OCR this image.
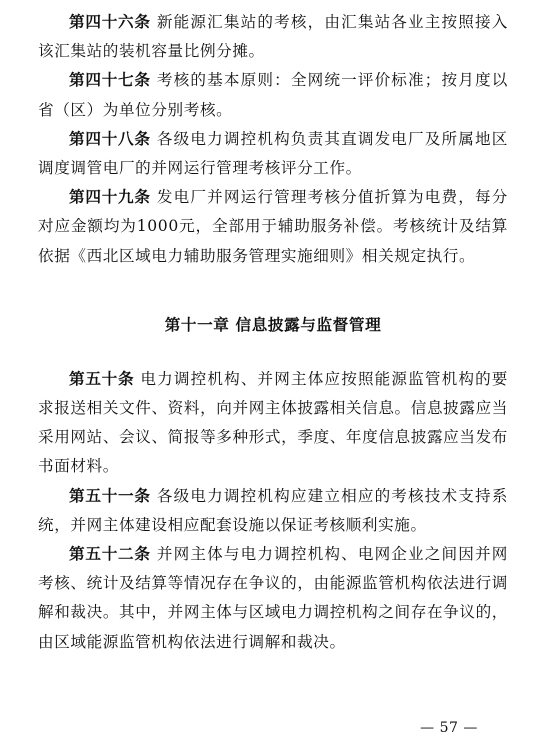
第四十六条 新能源汇集站的考核，由汇集站各业主按照接入该汇集站的装机容量比例分摊。

第四十七条 考核的基本原则：全网统一评价标准；按月度以省（区）为单位分别考核。

第四十八条 各级电力调控机构负责其直调发电厂及所属地区调度调管电厂的并网运行管理考核评分工作。

第四十九条 发电厂并网运行管理考核分值折算为电费，每分对应金额均为1000元，全部用于辅助服务补偿。考核统计及结算依据《西北区域电力辅助服务管理实施细则》相关规定执行。

第十一章 信息披露与监督管理

第五十条 电力调控机构、并网主体应按照能源监管机构的要求报送相关文件、资料，向并网主体披露相关信息。信息披露应当采用网站、会议、简报等多种形式，季度、年度信息披露应当发布书面材料。

第五十一条 各级电力调控机构应建立相应的考核技术支持系统，并网主体建设相应配套设施以保证考核顺利实施。

第五十二条 并网主体与电力调控机构、电网企业之间因并网考核、统计及结算等情况存在争议的，由能源监管机构依法进行调解和裁决。其中，并网主体与区域电力调控机构之间存在争议的，由区域能源监管机构依法进行调解和裁决。

— 57 —
